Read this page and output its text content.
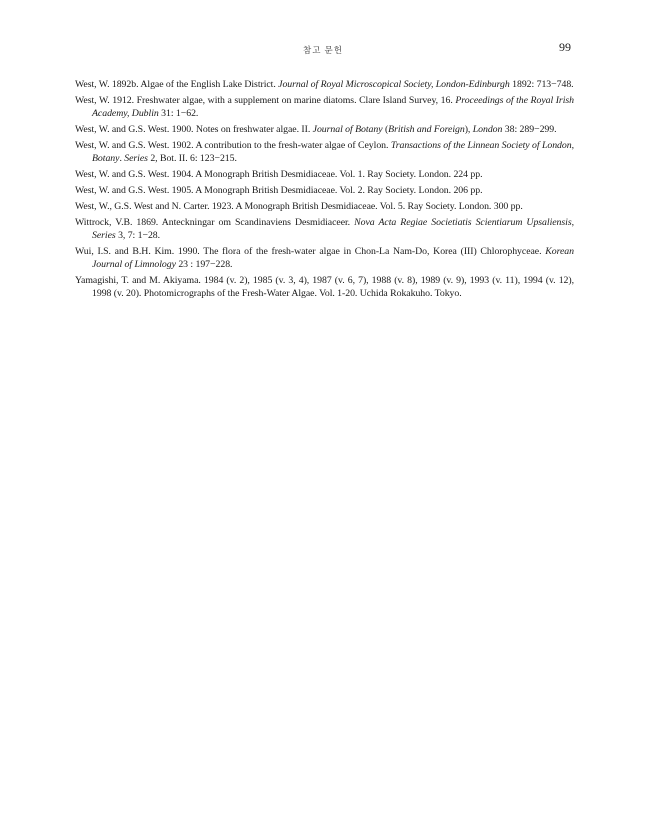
참고 문헌	99
West, W. 1892b. Algae of the English Lake District. Journal of Royal Microscopical Society, London-Edinburgh 1892: 713−748.
West, W. 1912. Freshwater algae, with a supplement on marine diatoms. Clare Island Survey, 16. Proceedings of the Royal Irish Academy, Dublin 31: 1−62.
West, W. and G.S. West. 1900. Notes on freshwater algae. II. Journal of Botany (British and Foreign), London 38: 289−299.
West, W. and G.S. West. 1902. A contribution to the fresh-water algae of Ceylon. Transactions of the Linnean Society of London, Botany. Series 2, Bot. II. 6: 123−215.
West, W. and G.S. West. 1904. A Monograph British Desmidiaceae. Vol. 1. Ray Society. London. 224 pp.
West, W. and G.S. West. 1905. A Monograph British Desmidiaceae. Vol. 2. Ray Society. London. 206 pp.
West, W., G.S. West and N. Carter. 1923. A Monograph British Desmidiaceae. Vol. 5. Ray Society. London. 300 pp.
Wittrock, V.B. 1869. Anteckningar om Scandinaviens Desmidiaceer. Nova Acta Regiae Societiatis Scientiarum Upsaliensis, Series 3, 7: 1−28.
Wui, I.S. and B.H. Kim. 1990. The flora of the fresh-water algae in Chon-La Nam-Do, Korea (III) Chlorophyceae. Korean Journal of Limnology 23 : 197−228.
Yamagishi, T. and M. Akiyama. 1984 (v. 2), 1985 (v. 3, 4), 1987 (v. 6, 7), 1988 (v. 8), 1989 (v. 9), 1993 (v. 11), 1994 (v. 12), 1998 (v. 20). Photomicrographs of the Fresh-Water Algae. Vol. 1-20. Uchida Rokakuho. Tokyo.
